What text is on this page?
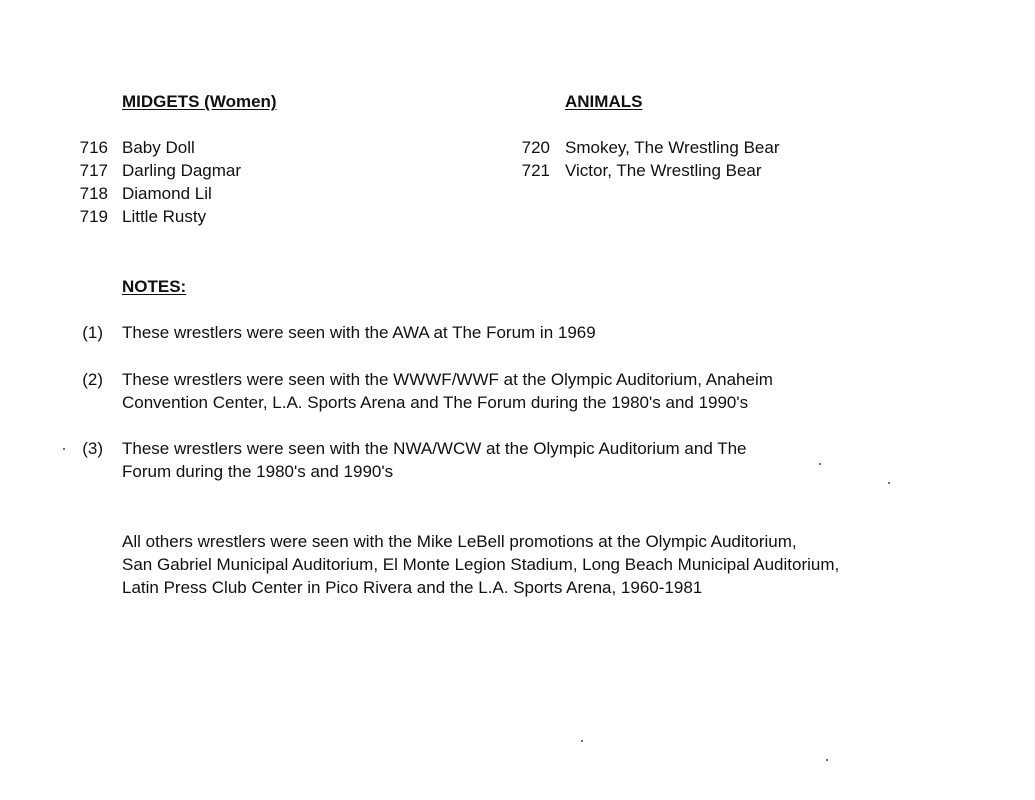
MIDGETS (Women)	ANIMALS
716 Baby Doll
717 Darling Dagmar
718 Diamond Lil
719 Little Rusty
720 Smokey, The Wrestling Bear
721 Victor, The Wrestling Bear
NOTES:
(1) These wrestlers were seen with the AWA at The Forum in 1969
(2) These wrestlers were seen with the WWWF/WWF at the Olympic Auditorium, Anaheim
Convention Center, L.A. Sports Arena and The Forum during the 1980's and 1990's
(3) These wrestlers were seen with the NWA/WCW at the Olympic Auditorium and The
Forum during the 1980's and 1990's
All others wrestlers were seen with the Mike LeBell promotions at the Olympic Auditorium,
San Gabriel Municipal Auditorium, El Monte Legion Stadium, Long Beach Municipal Auditorium,
Latin Press Club Center in Pico Rivera and the L.A. Sports Arena, 1960-1981
